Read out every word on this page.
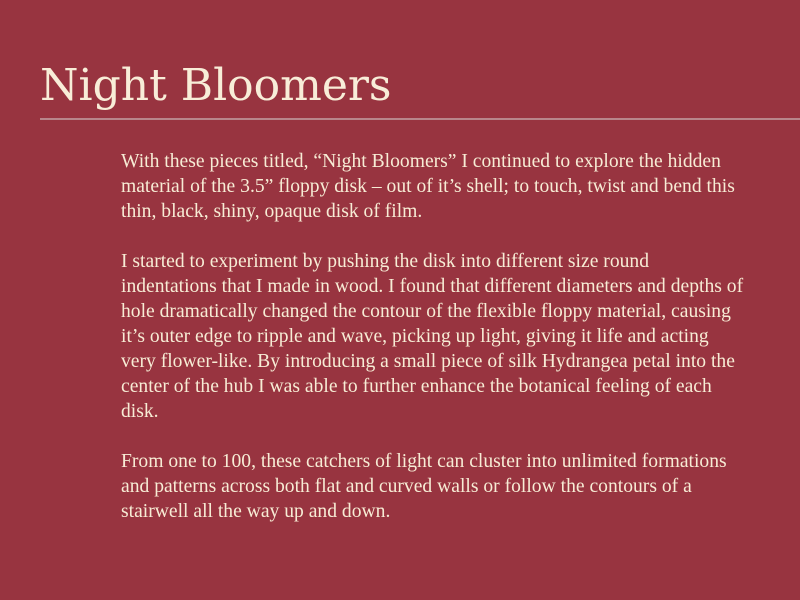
Night Bloomers

With these pieces titled, “Night Bloomers” I continued to explore the hidden material of the 3.5” floppy disk – out of it’s shell; to touch, twist and bend this thin, black, shiny, opaque disk of film.

I started to experiment by pushing the disk into different size round indentations that I made in wood. I found that different diameters and depths of hole dramatically changed the contour of the flexible floppy material, causing it’s outer edge to ripple and wave, picking up light, giving it life and acting very flower-like. By introducing a small piece of silk Hydrangea petal into the center of the hub I was able to further enhance the botanical feeling of each disk.

From one to 100, these catchers of light can cluster into unlimited formations and patterns across both flat and curved walls or follow the contours of a stairwell all the way up and down.
